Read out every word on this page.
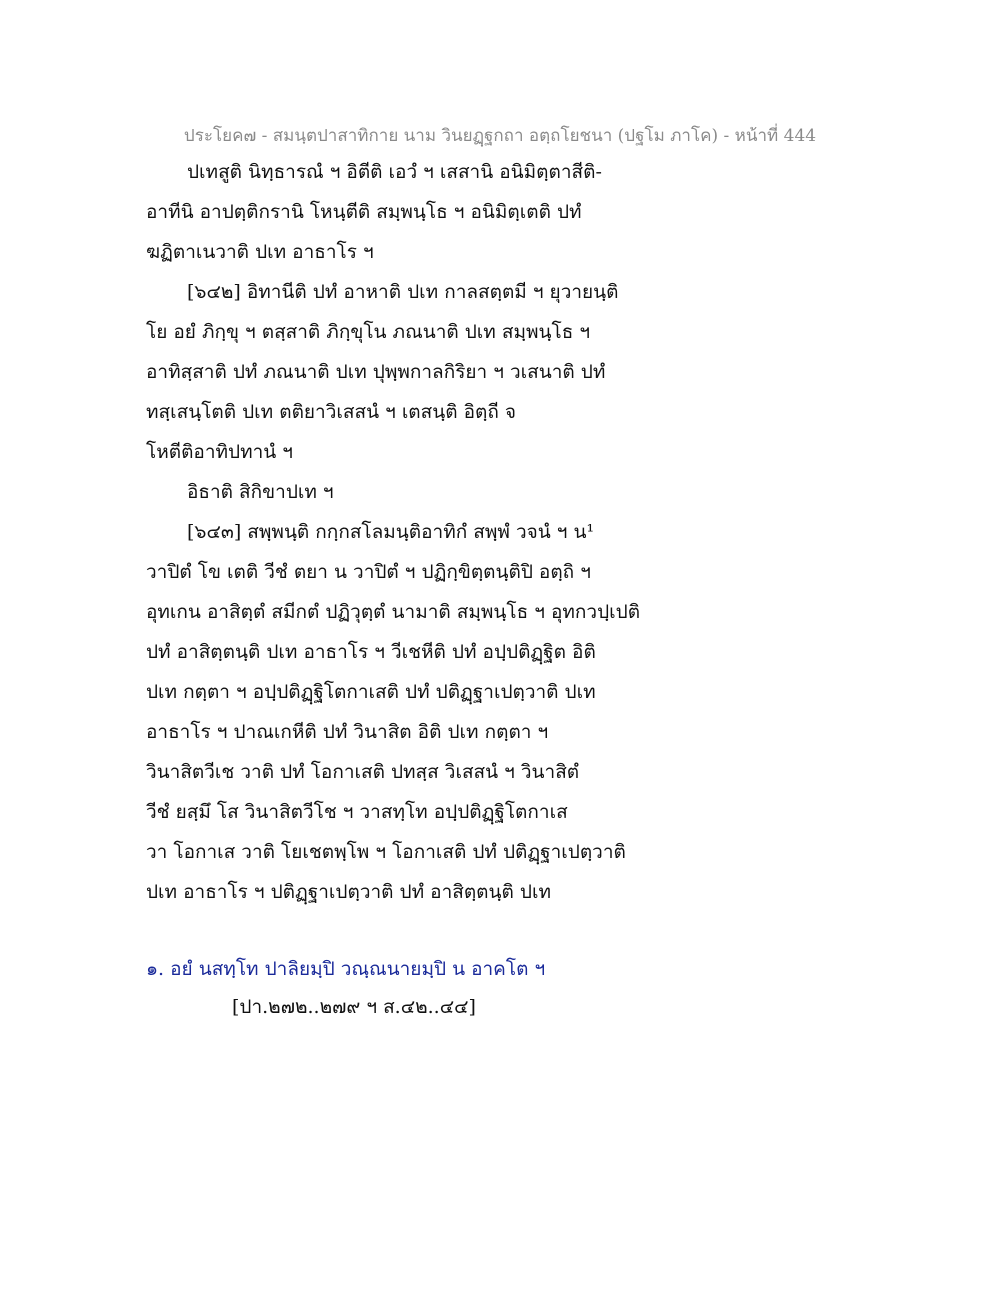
ประโยค๗ - สมนฺตปาสาทิกาย นาม วินยฏฺฐกถา อตฺถโยชนา (ปฐโม ภาโค) - หน้าที่ 444
ปเทสูติ นิทฺธารณํ ฯ อิตีติ เอวํ ฯ เสสานิ อนิมิตฺตาสีติ-
อาทีนิ อาปตฺติกรานิ โหนฺตีติ สมฺพนฺโธ ฯ อนิมิตฺเตติ ปทํ
ฆฏิตาเนวาติ ปเท อาธาโร ฯ
[๖๔๒] อิทานีติ ปทํ อาหาติ ปเท กาลสตฺตมี ฯ ยุวายนฺติ
โย อยํ ภิกฺขุ ฯ ตสฺสาติ ภิกฺขุโน ภณนาติ ปเท สมฺพนฺโธ ฯ
อาทิสฺสาติ ปทํ ภณนาติ ปเท ปุพฺพกาลกิริยา ฯ วเสนาติ ปทํ
ทสฺเสนฺโตติ ปเท ตติยาวิเสสนํ ฯ เตสนฺติ อิตฺถี จ
โหตีติอาทิปทานํ ฯ
อิธาติ สิกิขาปเท ฯ
[๖๔๓] สพฺพนฺติ กกฺกสโลมนฺติอาทิกํ สพฺพํ วจนํ ฯ น¹
วาปิตํ โข เตติ วีชํ ตยา น วาปิตํ ฯ ปฏิกฺขิตฺตนฺติปิ อตฺถิ ฯ
อุทเกน อาสิตฺตํ สมีกตํ ปฏิวุตฺตํ นามาติ สมฺพนฺโธ ฯ อุทกวปฺเปติ
ปทํ อาสิตฺตนฺติ ปเท อาธาโร ฯ วีเชหีติ ปทํ อปฺปติฏฺฐิต อิติ
ปเท กตฺตา ฯ อปฺปติฏฺฐิโตกาเสติ ปทํ ปติฏฺฐาเปตฺวาติ ปเท
อาธาโร ฯ ปาณเกหีติ ปทํ วินาสิต อิติ ปเท กตฺตา ฯ
วินาสิตวีเช วาติ ปทํ โอกาเสติ ปทสฺส วิเสสนํ ฯ วินาสิตํ
วีชํ ยสฺมึ โส วินาสิตวีโช ฯ วาสทฺโท อปฺปติฏฺฐิโตกาเส
วา โอกาเส วาติ โยเชตพฺโพ ฯ โอกาเสติ ปทํ ปติฏฺฐาเปตฺวาติ
ปเท อาธาโร ฯ ปติฏฺฐาเปตฺวาติ ปทํ อาสิตฺตนฺติ ปเท
๑. อยํ นสทฺโท ปาลิยมฺปิ วณฺณนายมฺปิ น อาคโต ฯ
[ปา.๒๗๒..๒๗๙ ฯ ส.๔๒..๔๔]
